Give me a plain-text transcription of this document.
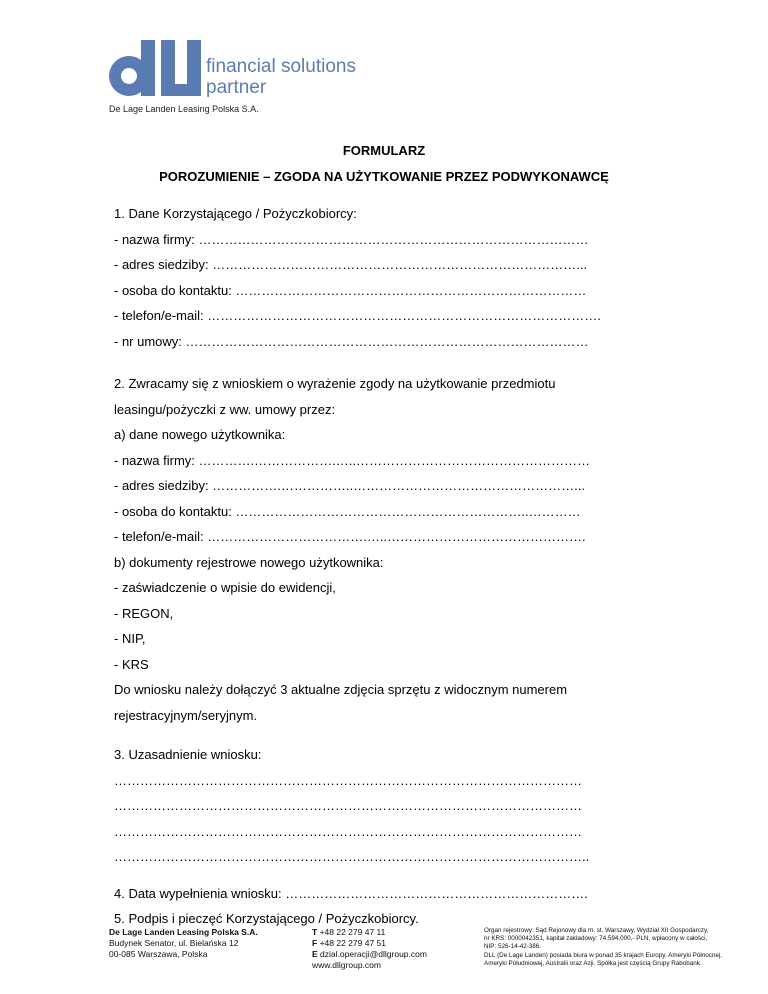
dLL
financial solutions
partner
De Lage Landen Leasing Polska S.A.
FORMULARZ
POROZUMIENIE – ZGODA NA UŻYTKOWANIE PRZEZ PODWYKONAWCĘ
1. Dane Korzystającego / Pożyczkobiorcy:
- nazwa firmy: ………………………………………………………………………………
- adres siedziby: …………………………………………………………………………...
- osoba do kontaktu: ………………………………………………………………………
- telefon/e-mail: ……………………………………………………………………………….
- nr umowy: …………………………………………………………………………………
2. Zwracamy się z wnioskiem o wyrażenie zgody na użytkowanie przedmiotu
leasingu/pożyczki z ww. umowy przez:
a) dane nowego użytkownika:
- nazwa firmy: ………….……………….…..………………………………………………
- adres siedziby: …………….……………..……………………………………………...
- osoba do kontaktu: …………………………………………………………..…………
- telefon/e-mail: ……………………………….…..……………………………………….
b) dokumenty rejestrowe nowego użytkownika:
- zaświadczenie o wpisie do ewidencji,
- REGON,
- NIP,
- KRS
Do wniosku należy dołączyć 3 aktualne zdjęcia sprzętu z widocznym numerem
rejestracyjnym/seryjnym.
3. Uzasadnienie wniosku:
………………………………………………………………………………………………
………………………………………………………………………………………………
………………………………………………………………………………………………
………………………………………………………………………………………………..
4. Data wypełnienia wniosku: …………………………………………………………….
5. Podpis i pieczęć Korzystającego / Pożyczkobiorcy.
De Lage Landen Leasing Polska S.A.
Budynek Senator, ul. Bielańska 12
00-085 Warszawa, Polska
T +48 22 279 47 11
F +48 22 279 47 51
E dzial.operacji@dllgroup.com
www.dllgroup.com
Organ rejestrowy: Sąd Rejonowy dla m. st. Warszawy, Wydział XII Gospodarczy,
nr KRS: 0000042351, kapitał zakładowy: 74.594.000,- PLN, wpłacony w całości,
NIP: 526-14-42-386.
DLL (De Lage Landen) posiada biura w ponad 35 krajach Europy, Ameryki Północnej,
Ameryki Południowej, Australii oraz Azji. Spółka jest częścią Grupy Rabobank.
